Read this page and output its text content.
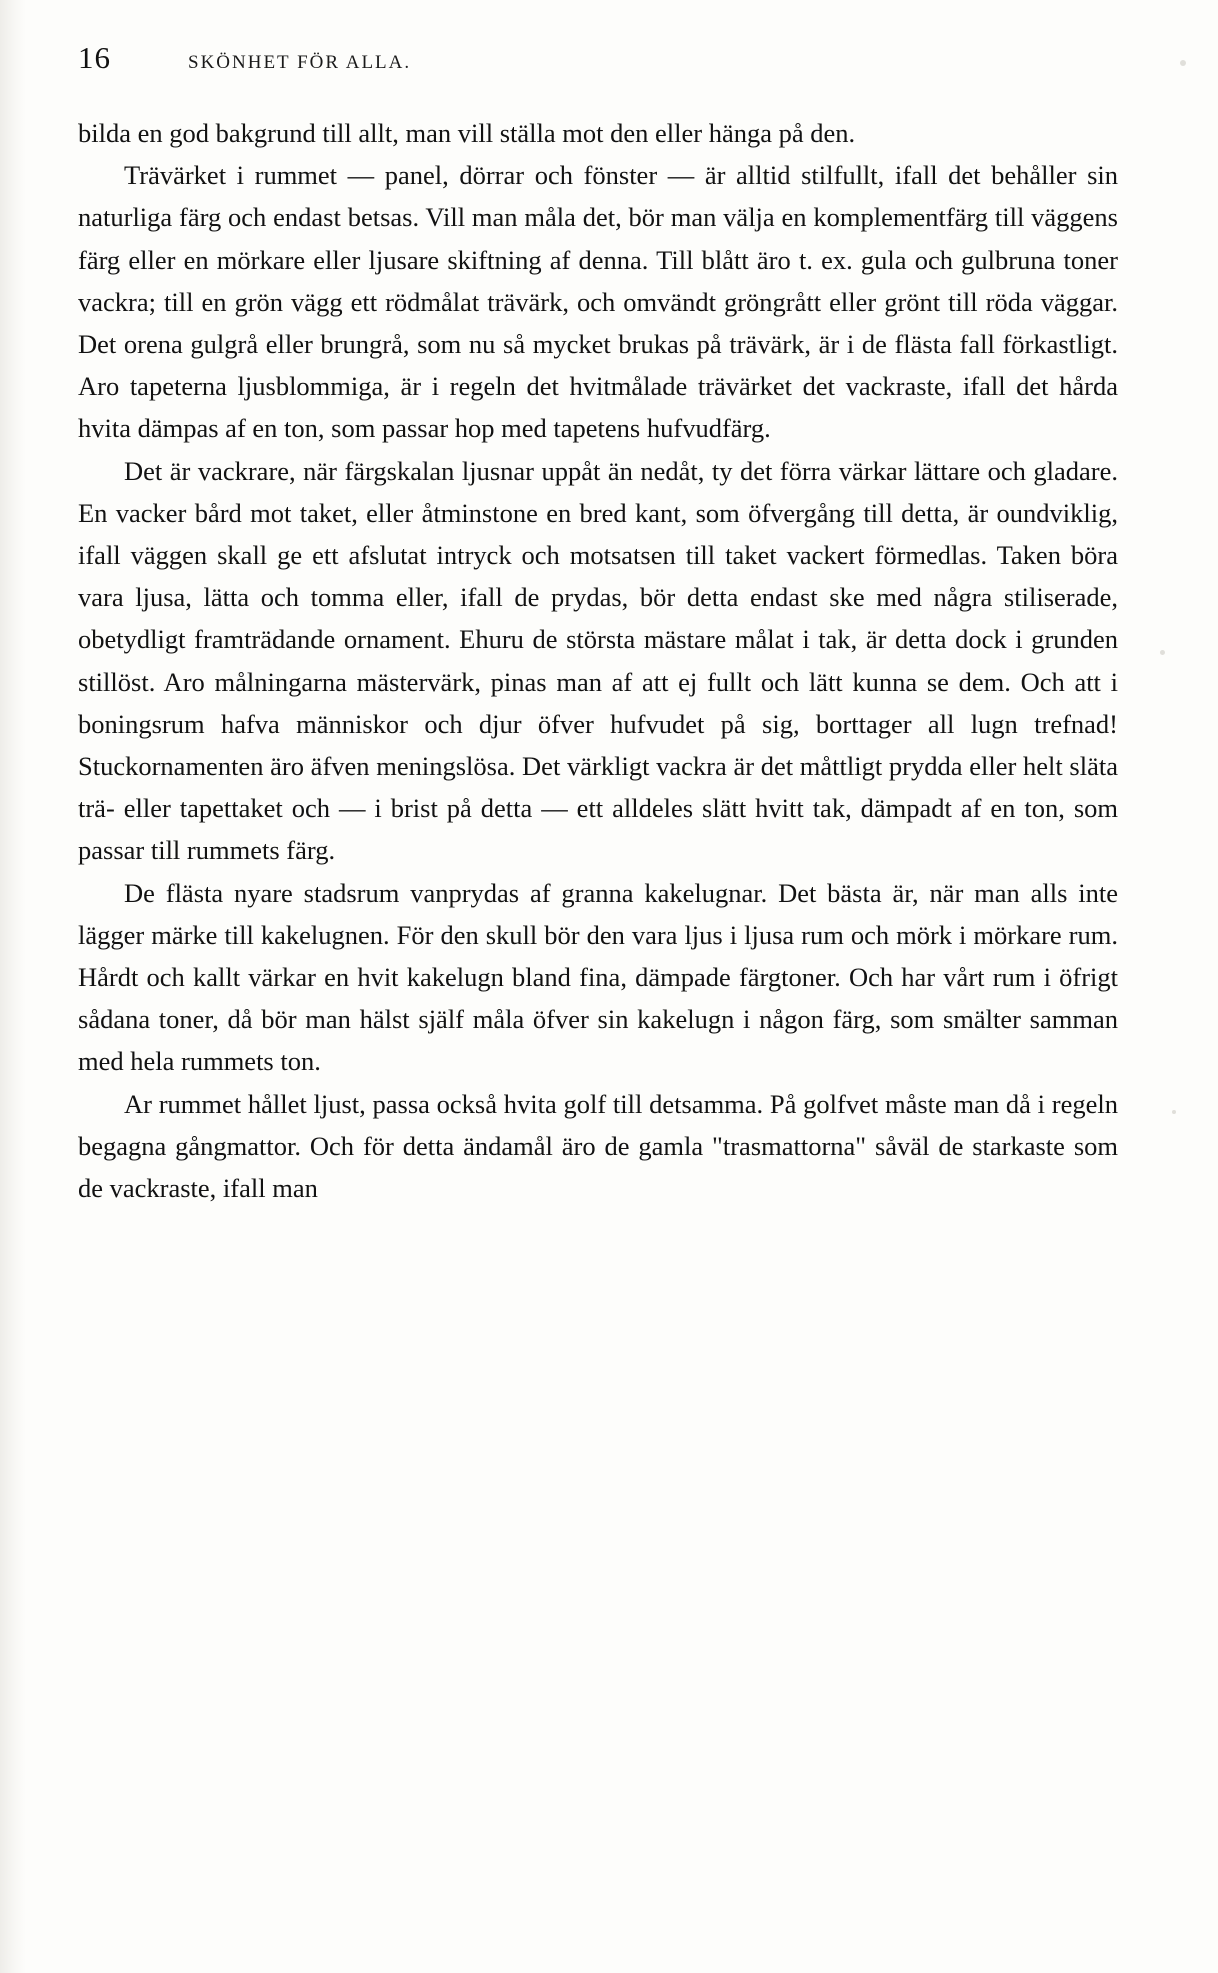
16	SKÖNHET FÖR ALLA.

bilda en god bakgrund till allt, man vill ställa mot den eller hänga på den.

Trävärket i rummet — panel, dörrar och fönster — är alltid stilfullt, ifall det behåller sin naturliga färg och endast betsas. Vill man måla det, bör man välja en komplementfärg till väggens färg eller en mörkare eller ljusare skiftning af denna. Till blått äro t. ex. gula och gulbruna toner vackra; till en grön vägg ett rödmålat trävärk, och omvändt gröngrått eller grönt till röda väggar. Det orena gulgrå eller brungrå, som nu så mycket brukas på trävärk, är i de flästa fall förkastligt. Aro tapeterna ljusblommiga, är i regeln det hvitmålade trävärket det vackraste, ifall det hårda hvita dämpas af en ton, som passar hop med tapetens hufvudfärg.

Det är vackrare, när färgskalan ljusnar uppåt än nedåt, ty det förra värkar lättare och gladare. En vacker bård mot taket, eller åtminstone en bred kant, som öfvergång till detta, är oundviklig, ifall väggen skall ge ett afslutat intryck och motsatsen till taket vackert förmedlas. Taken böra vara ljusa, lätta och tomma eller, ifall de prydas, bör detta endast ske med några stiliserade, obetydligt framträdande ornament. Ehuru de största mästare målat i tak, är detta dock i grunden stillöst. Aro målningarna mästervärk, pinas man af att ej fullt och lätt kunna se dem. Och att i boningsrum hafva människor och djur öfver hufvudet på sig, borttager all lugn trefnad! Stuckornamenten äro äfven meningslösa. Det värkligt vackra är det måttligt prydda eller helt släta trä- eller tapettaket och — i brist på detta — ett alldeles slätt hvitt tak, dämpadt af en ton, som passar till rummets färg.

De flästa nyare stadsrum vanprydas af granna kakelugnar. Det bästa är, när man alls inte lägger märke till kakelugnen. För den skull bör den vara ljus i ljusa rum och mörk i mörkare rum. Hårdt och kallt värkar en hvit kakelugn bland fina, dämpade färgtoner. Och har vårt rum i öfrigt sådana toner, då bör man hälst själf måla öfver sin kakelugn i någon färg, som smälter samman med hela rummets ton.

Ar rummet hållet ljust, passa också hvita golf till detsamma. På golfvet måste man då i regeln begagna gångmattor. Och för detta ändamål äro de gamla "trasmattorna" såväl de starkaste som de vackraste, ifall man
